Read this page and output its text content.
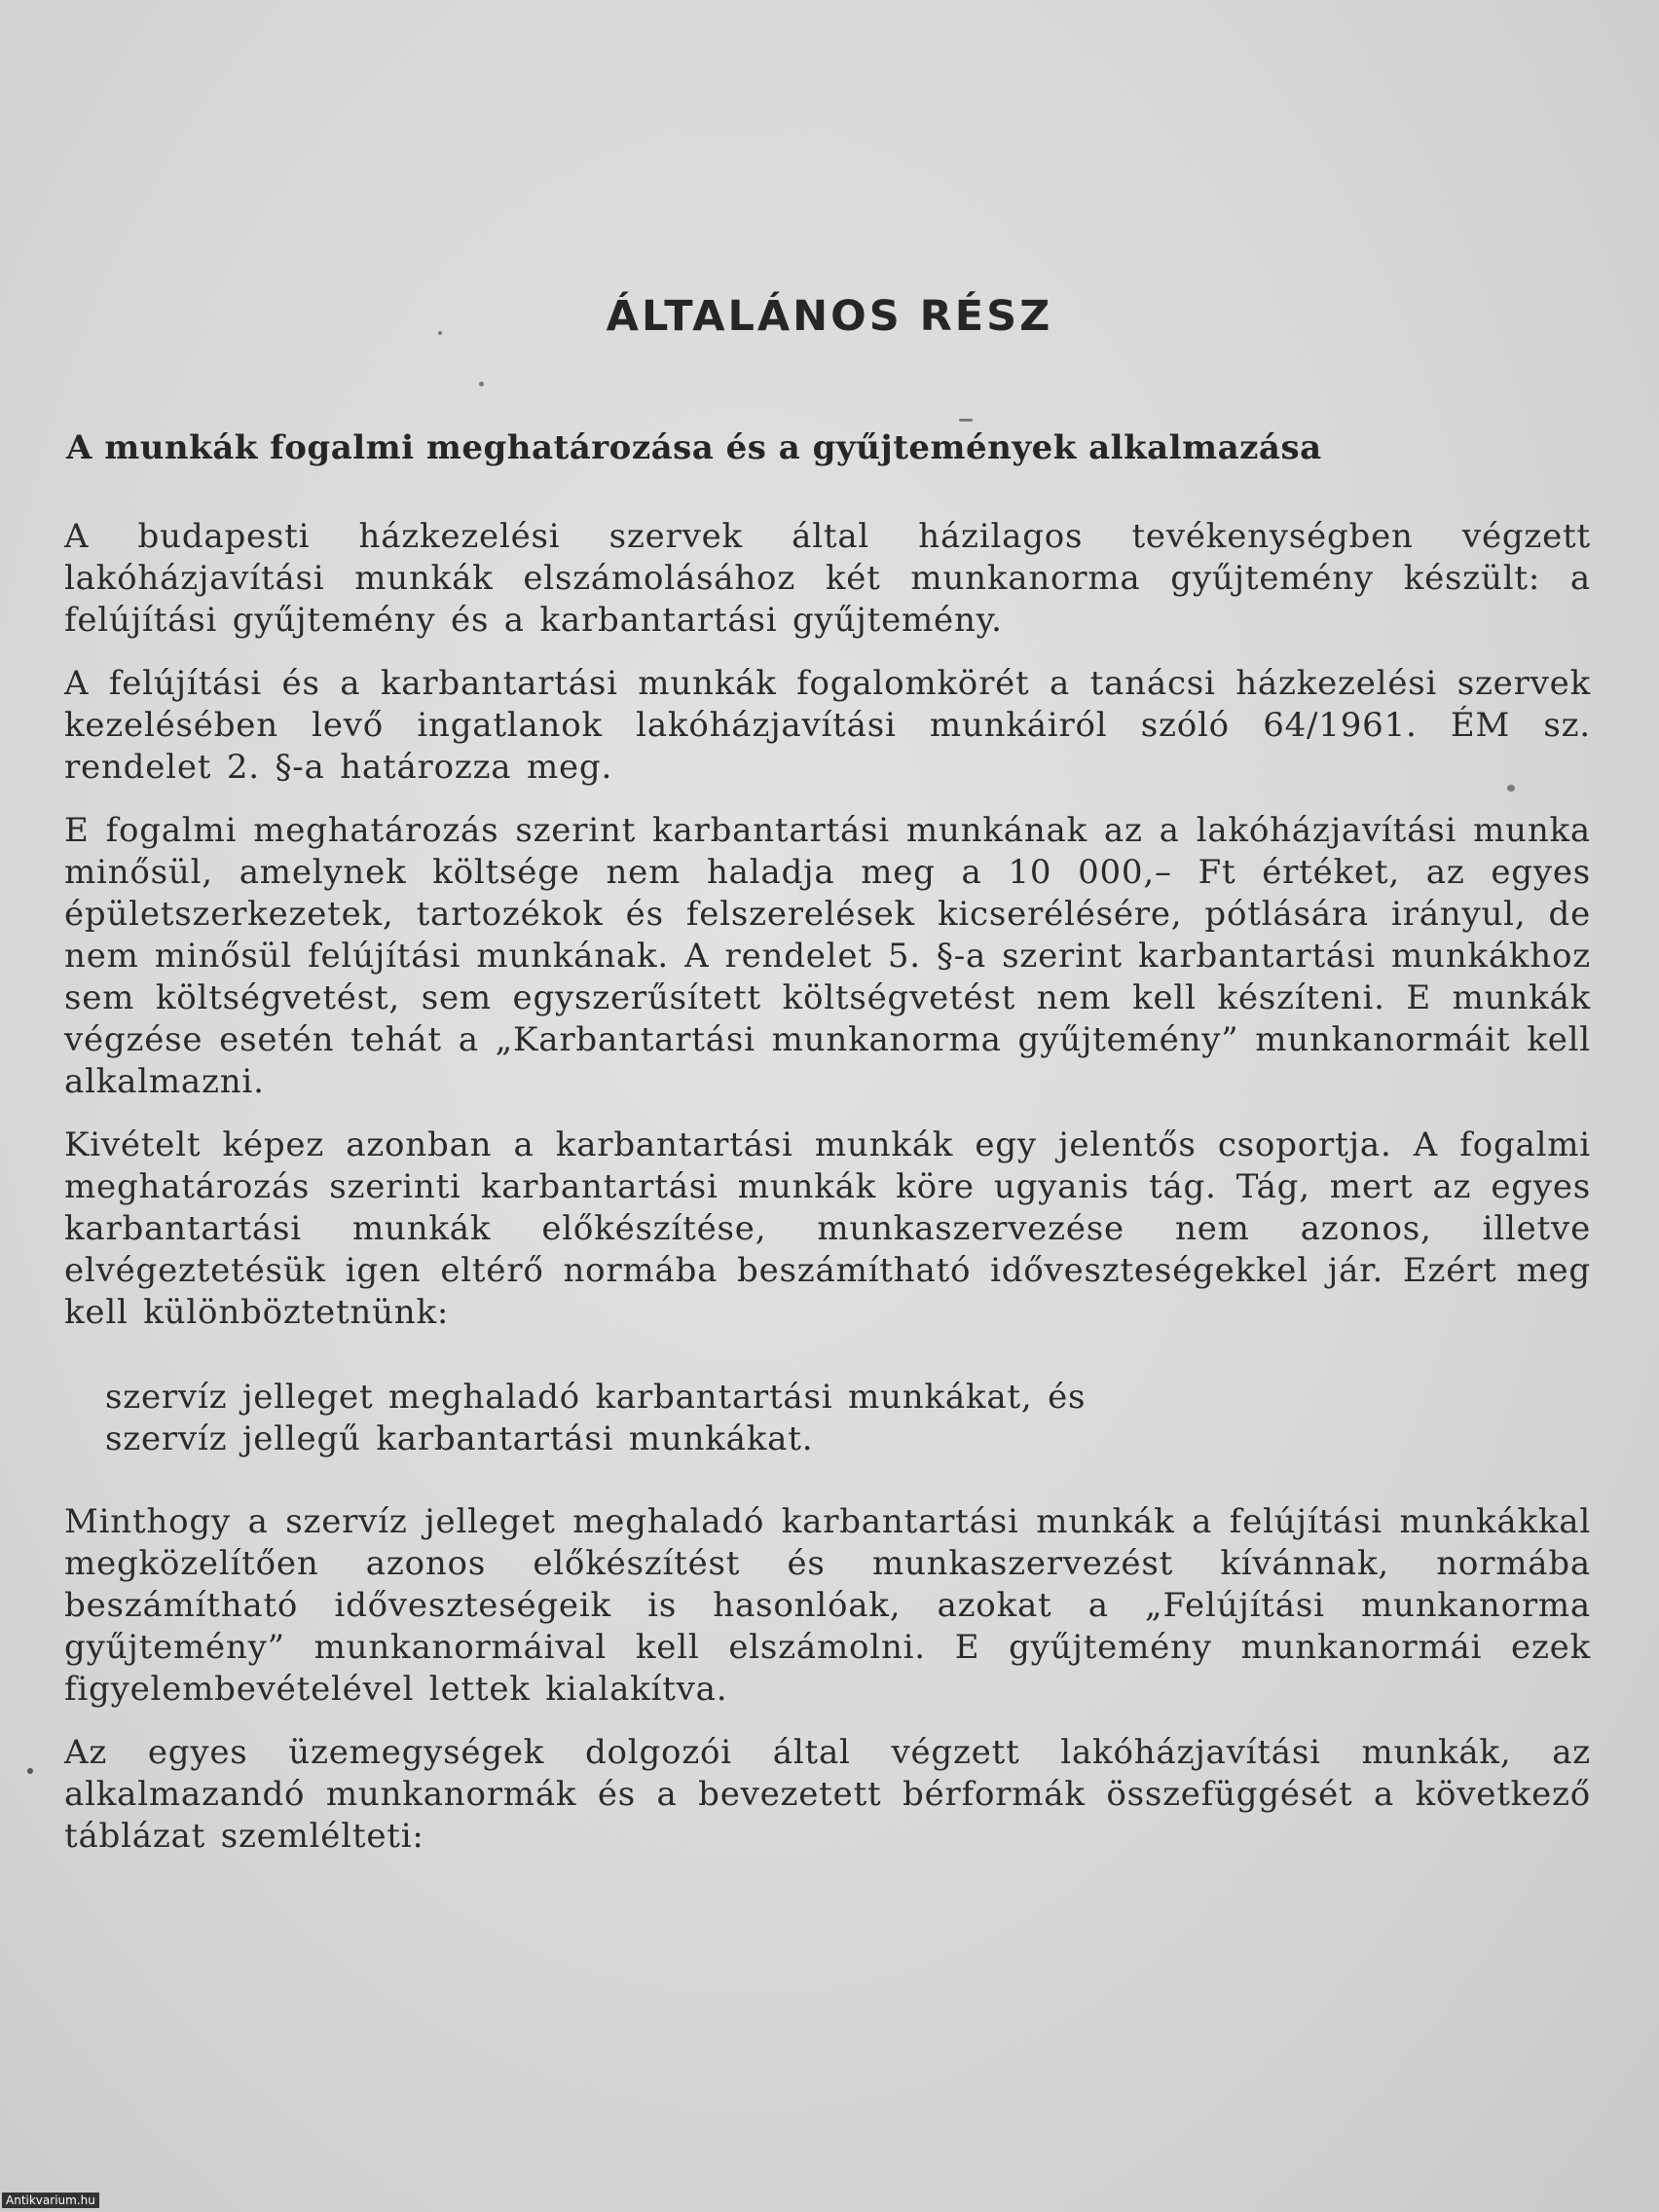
ÁLTALÁNOS RÉSZ
A munkák fogalmi meghatározása és a gyűjtemények alkalmazása

A budapesti házkezelési szervek által házilagos tevékenységben végzett lakóházjavítási munkák elszámolásához két munkanorma gyűjtemény készült: a felújítási gyűjtemény és a karbantartási gyűjtemény.

A felújítási és a karbantartási munkák fogalomkörét a tanácsi házkezelési szervek kezelésében levő ingatlanok lakóházjavítási munkáiról szóló 64/1961. ÉM sz. rendelet 2. §-a határozza meg.

E fogalmi meghatározás szerint karbantartási munkának az a lakóházjavítási munka minősül, amelynek költsége nem haladja meg a 10 000,– Ft értéket, az egyes épületszerkezetek, tartozékok és felszerelések kicserélésére, pótlására irányul, de nem minősül felújítási munkának. A rendelet 5. §-a szerint karbantartási munkákhoz sem költségvetést, sem egyszerűsített költségvetést nem kell készíteni. E munkák végzése esetén tehát a „Karbantartási munkanorma gyűjtemény” munkanormáit kell alkalmazni.

Kivételt képez azonban a karbantartási munkák egy jelentős csoportja. A fogalmi meghatározás szerinti karbantartási munkák köre ugyanis tág. Tág, mert az egyes karbantartási munkák előkészítése, munkaszervezése nem azonos, illetve elvégeztetésük igen eltérő normába beszámítható időveszteségekkel jár. Ezért meg kell különböztetnünk:

szervíz jelleget meghaladó karbantartási munkákat, és

szervíz jellegű karbantartási munkákat.

Minthogy a szervíz jelleget meghaladó karbantartási munkák a felújítási munkákkal megközelítően azonos előkészítést és munkaszervezést kívánnak, normába beszámítható időveszteségeik is hasonlóak, azokat a „Felújítási munkanorma gyűjtemény” munkanormáival kell elszámolni. E gyűjtemény munkanormái ezek figyelembevételével lettek kialakítva.

Az egyes üzemegységek dolgozói által végzett lakóházjavítási munkák, az alkalmazandó munkanormák és a bevezetett bérformák összefüggését a következő táblázat szemlélteti:

Antikvarium.hu
